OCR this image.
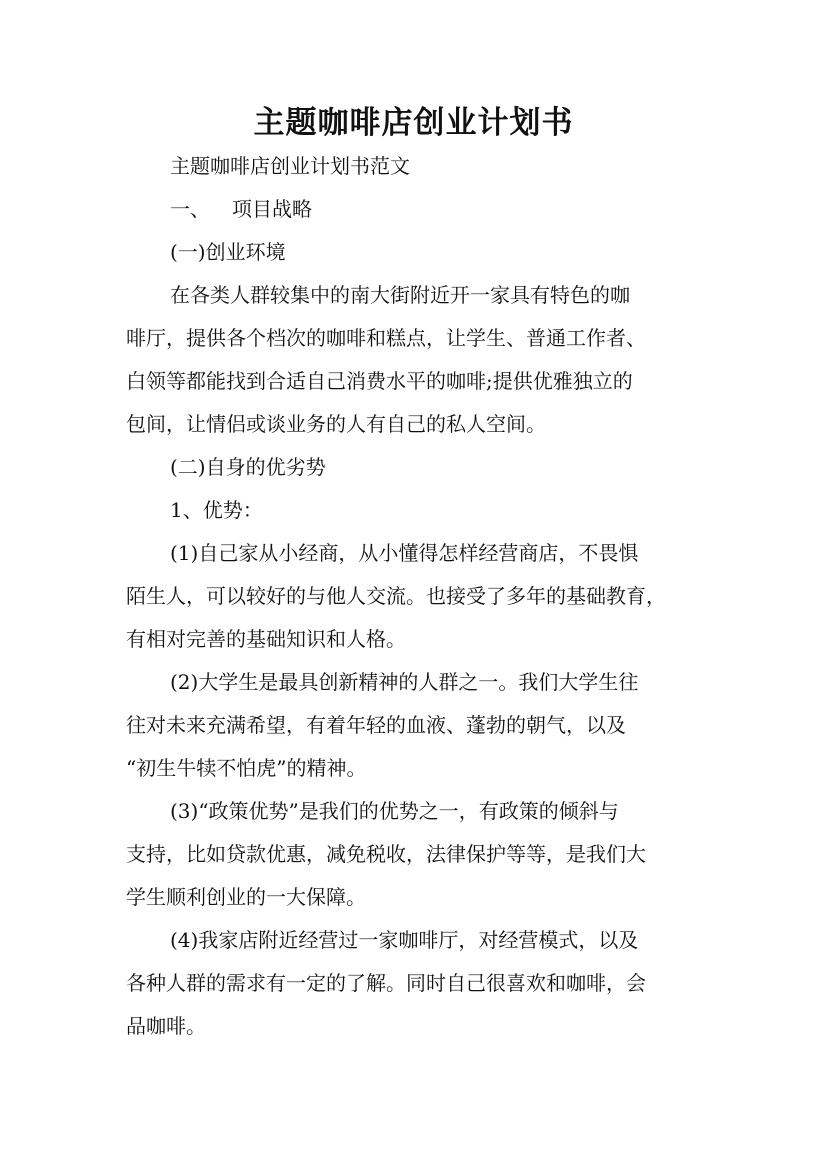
主题咖啡店创业计划书

主题咖啡店创业计划书范文

一、 项目战略

(一)创业环境

在各类人群较集中的南大街附近开一家具有特色的咖
啡厅，提供各个档次的咖啡和糕点，让学生、普通工作者、
白领等都能找到合适自己消费水平的咖啡;提供优雅独立的
包间，让情侣或谈业务的人有自己的私人空间。

(二)自身的优劣势

1、优势：

(1)自己家从小经商，从小懂得怎样经营商店，不畏惧
陌生人，可以较好的与他人交流。也接受了多年的基础教育，
有相对完善的基础知识和人格。

(2)大学生是最具创新精神的人群之一。我们大学生往
往对未来充满希望，有着年轻的血液、蓬勃的朝气，以及
“初生牛犊不怕虎”的精神。

(3)“政策优势”是我们的优势之一，有政策的倾斜与
支持，比如贷款优惠，减免税收，法律保护等等，是我们大
学生顺利创业的一大保障。

(4)我家店附近经营过一家咖啡厅，对经营模式，以及
各种人群的需求有一定的了解。同时自己很喜欢和咖啡，会
品咖啡。
